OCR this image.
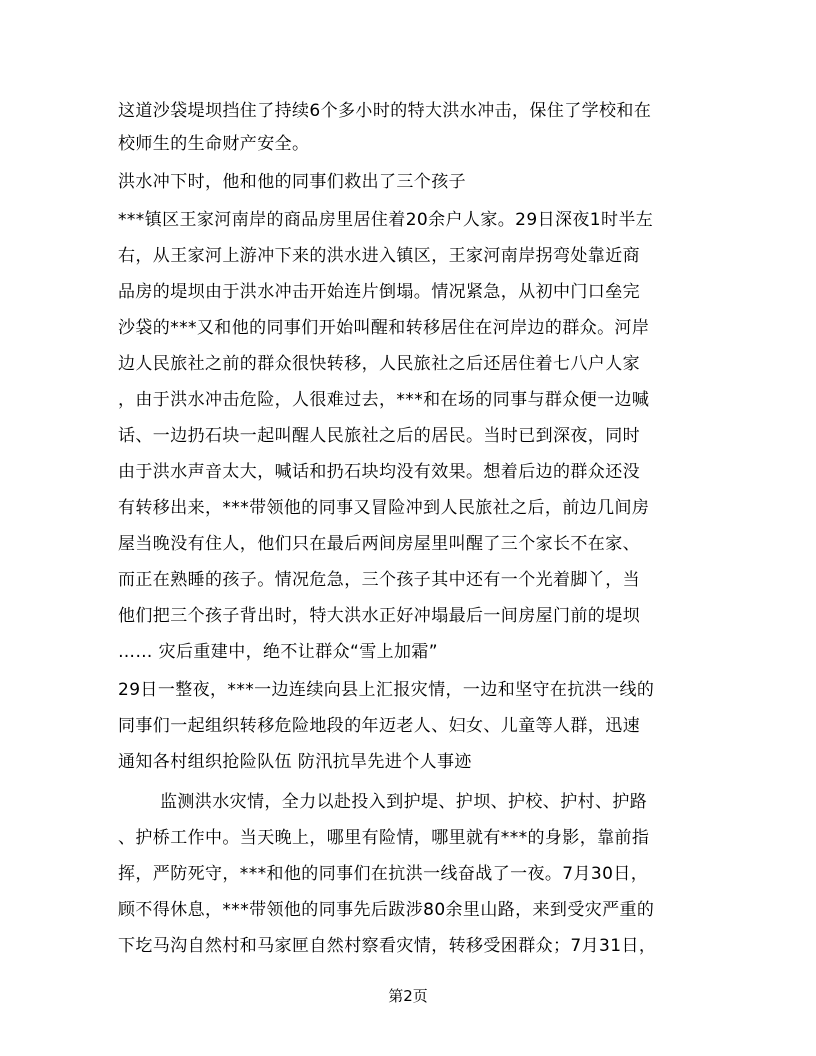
这道沙袋堤坝挡住了持续6个多小时的特大洪水冲击，保住了学校和在
校师生的生命财产安全。
洪水冲下时，他和他的同事们救出了三个孩子
***镇区王家河南岸的商品房里居住着20余户人家。29日深夜1时半左
右，从王家河上游冲下来的洪水进入镇区，王家河南岸拐弯处靠近商
品房的堤坝由于洪水冲击开始连片倒塌。情况紧急，从初中门口垒完
沙袋的***又和他的同事们开始叫醒和转移居住在河岸边的群众。河岸
边人民旅社之前的群众很快转移，人民旅社之后还居住着七八户人家
，由于洪水冲击危险，人很难过去，***和在场的同事与群众便一边喊
话、一边扔石块一起叫醒人民旅社之后的居民。当时已到深夜，同时
由于洪水声音太大，喊话和扔石块均没有效果。想着后边的群众还没
有转移出来，***带领他的同事又冒险冲到人民旅社之后，前边几间房
屋当晚没有住人，他们只在最后两间房屋里叫醒了三个家长不在家、
而正在熟睡的孩子。情况危急，三个孩子其中还有一个光着脚丫，当
他们把三个孩子背出时，特大洪水正好冲塌最后一间房屋门前的堤坝
…… 灾后重建中，绝不让群众“雪上加霜”
29日一整夜，***一边连续向县上汇报灾情，一边和坚守在抗洪一线的
同事们一起组织转移危险地段的年迈老人、妇女、儿童等人群，迅速
通知各村组织抢险队伍 防汛抗旱先进个人事迹
监测洪水灾情，全力以赴投入到护堤、护坝、护校、护村、护路
、护桥工作中。当天晚上，哪里有险情，哪里就有***的身影，靠前指
挥，严防死守，***和他的同事们在抗洪一线奋战了一夜。7月30日，
顾不得休息，***带领他的同事先后跋涉80余里山路，来到受灾严重的
下圪马沟自然村和马家匣自然村察看灾情，转移受困群众；7月31日，
第2页
